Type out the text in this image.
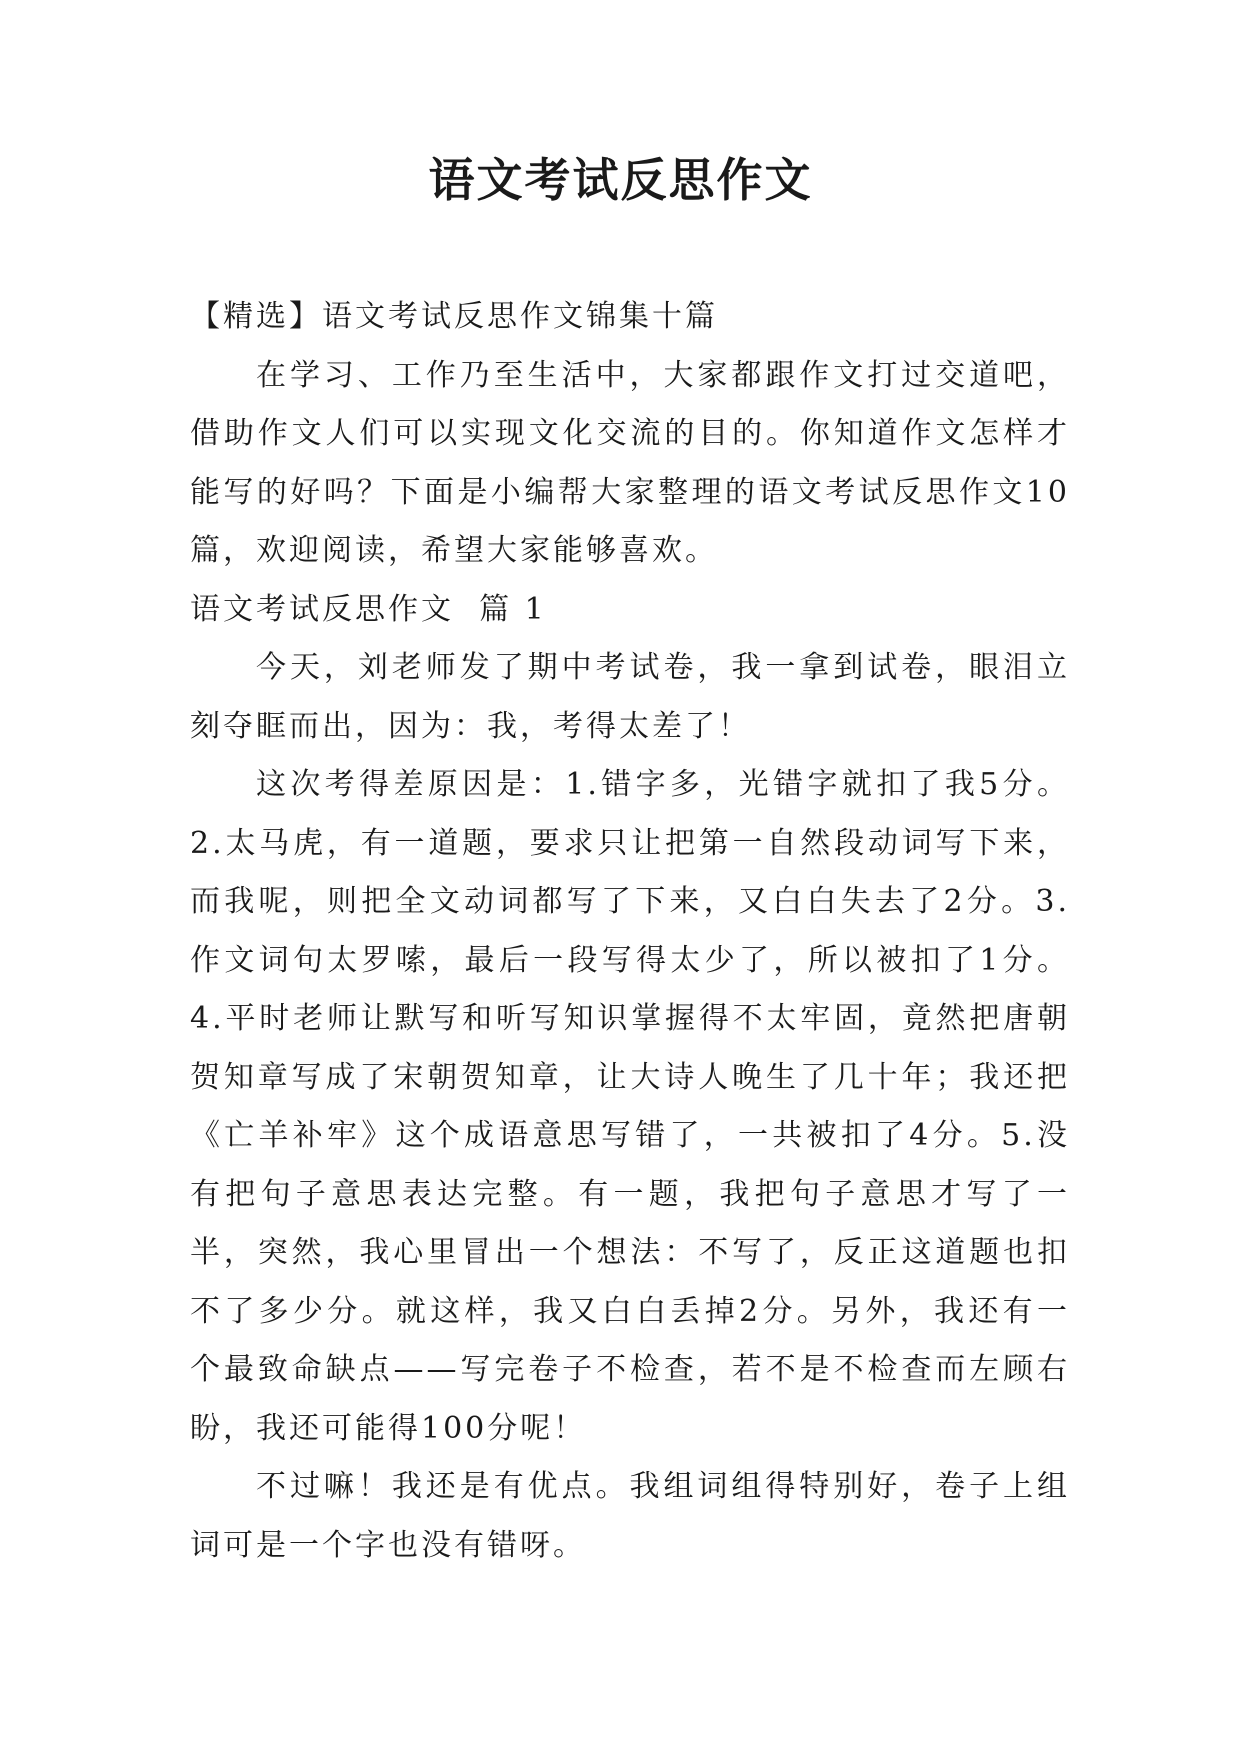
语文考试反思作文

【精选】语文考试反思作文锦集十篇

在学习、工作乃至生活中，大家都跟作文打过交道吧，借助作文人们可以实现文化交流的目的。你知道作文怎样才能写的好吗？下面是小编帮大家整理的语文考试反思作文10篇，欢迎阅读，希望大家能够喜欢。

语文考试反思作文  篇 1

今天，刘老师发了期中考试卷，我一拿到试卷，眼泪立刻夺眶而出，因为：我，考得太差了！

这次考得差原因是：1.错字多，光错字就扣了我5分。2.太马虎，有一道题，要求只让把第一自然段动词写下来，而我呢，则把全文动词都写了下来，又白白失去了2分。3.作文词句太罗嗦，最后一段写得太少了，所以被扣了1分。4.平时老师让默写和听写知识掌握得不太牢固，竟然把唐朝贺知章写成了宋朝贺知章，让大诗人晚生了几十年；我还把《亡羊补牢》这个成语意思写错了，一共被扣了4分。5.没有把句子意思表达完整。有一题，我把句子意思才写了一半，突然，我心里冒出一个想法：不写了，反正这道题也扣不了多少分。就这样，我又白白丢掉2分。另外，我还有一个最致命缺点——写完卷子不检查，若不是不检查而左顾右盼，我还可能得100分呢！

不过嘛！我还是有优点。我组词组得特别好，卷子上组词可是一个字也没有错呀。
